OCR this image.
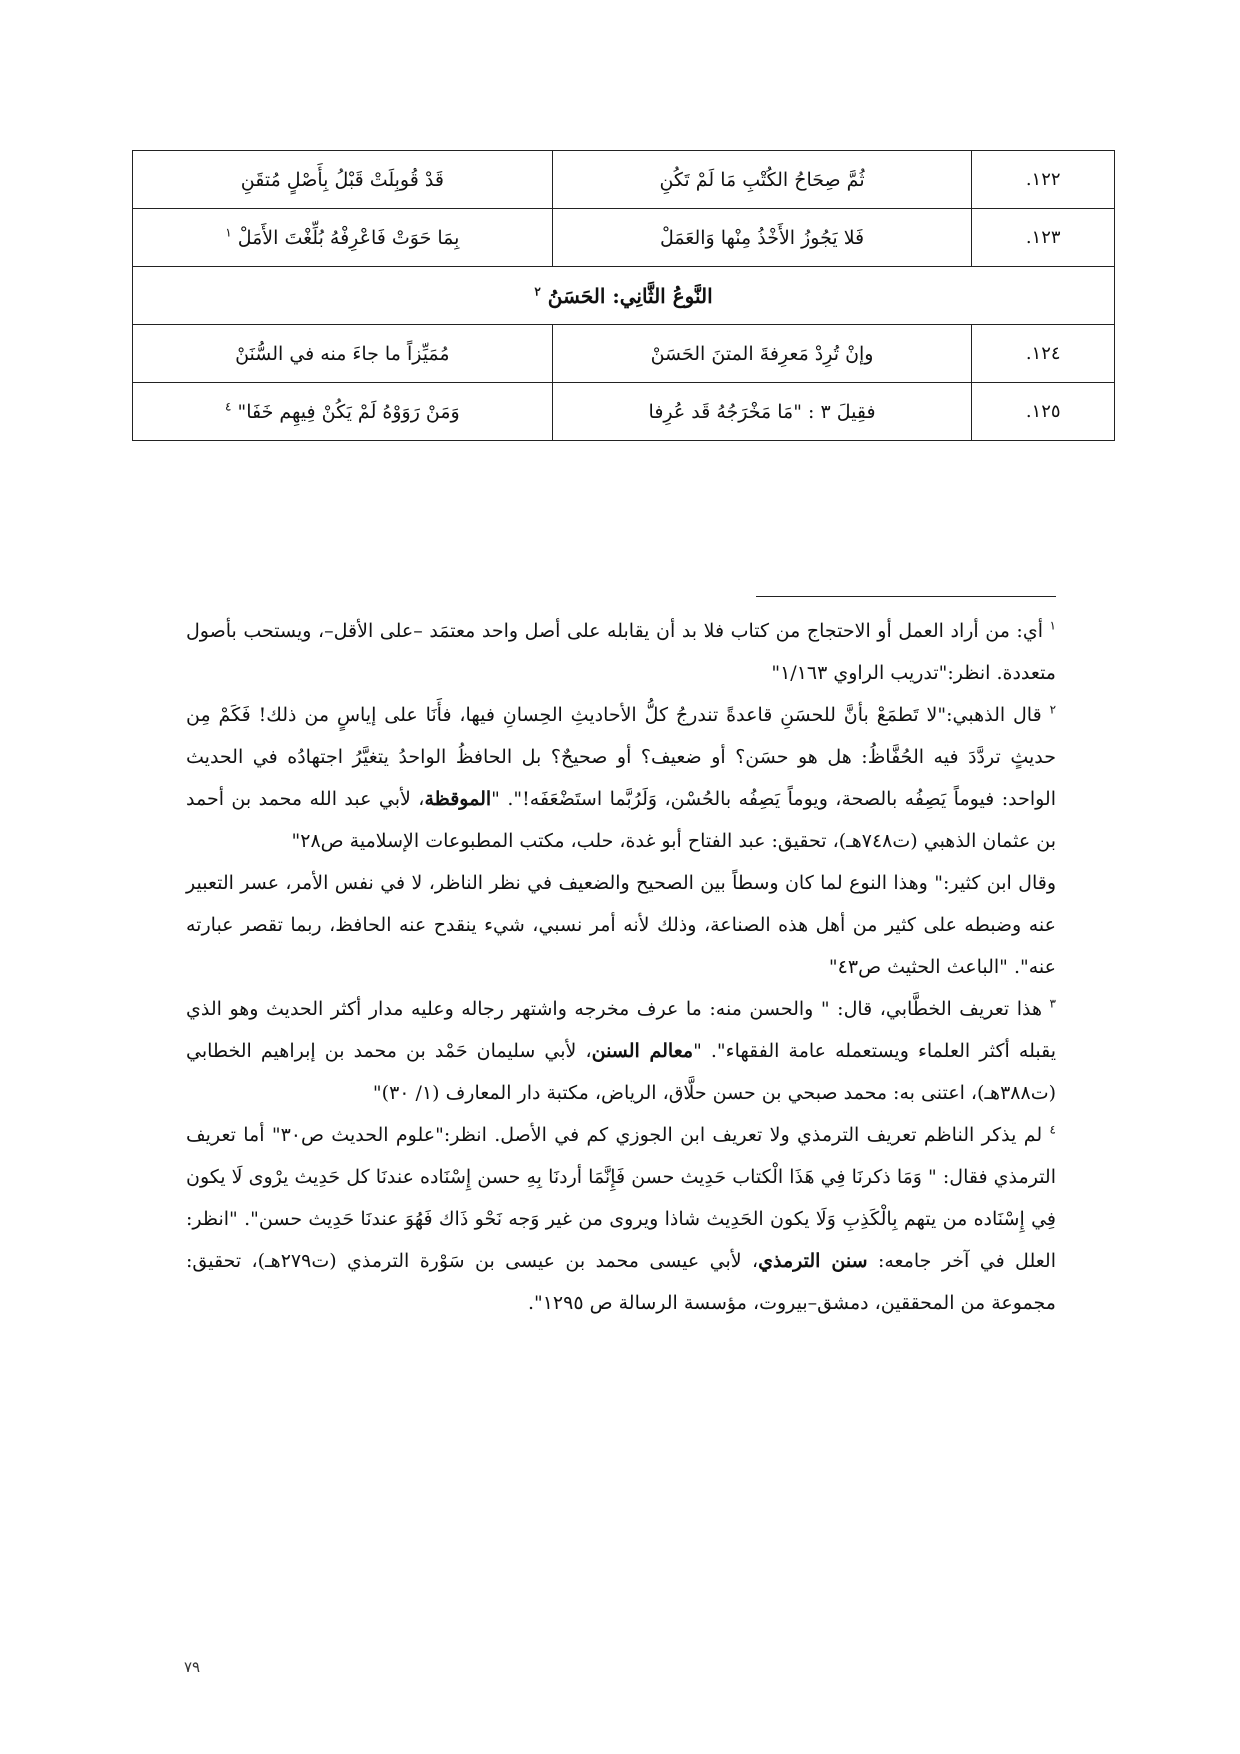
١٢٢.	ثُمَّ صِحَاحُ الكُتْبِ مَا لَمْ تَكُنِ	قَدْ قُوبِلَتْ قَبْلُ بِأَصْلٍ مُتقَنِ
١٢٣.	فَلا يَجُوزُ الأَخْذُ مِنْها وَالعَمَلْ	بِمَا حَوَتْ فَاعْرِفْهُ بُلِّغْتَ الأَمَلْ $^١$
النَّوعُ الثَّانِي: الحَسَنُ $^٢$
١٢٤.	وإنْ تُرِدْ مَعرِفةَ المتنَ الحَسَنْ	مُمَيِّزاً ما جاءَ منه في السُّنَنْ
١٢٥.	فقِيلَ ٣ : "مَا مَخْرَجُهُ قَد عُرِفا	وَمَنْ رَوَوْهُ لَمْ يَكُنْ فِيهِم خَفَا" $^٤$

$^١$ أي: من أراد العمل أو الاحتجاج من كتاب فلا بد أن يقابله على أصل واحد معتمَد –على الأقل–، ويستحب بأصول متعددة. انظر:"تدريب الراوي ١/١٦٣"

$^٢$ قال الذهبي:"لا تَطمَعْ بأنَّ للحسَنِ قاعدةً تندرجُ كلُّ الأحاديثِ الحِسانِ فيها، فأَنَا على إياسٍ من ذلك! فَكَمْ مِن حديثٍ تردَّدَ فيه الحُفَّاظُ: هل هو حسَن؟ أو ضعيف؟ أو صحيحٌ؟ بل الحافظُ الواحدُ يتغيَّرُ اجتهادُه في الحديث الواحد: فيوماً يَصِفُه بالصحة، ويوماً يَصِفُه بالحُسْن، وَلَرُبَّما استَضْعَفَه!". "الموقظة، لأبي عبد الله محمد بن أحمد بن عثمان الذهبي (ت٧٤٨هـ)، تحقيق: عبد الفتاح أبو غدة، حلب، مكتب المطبوعات الإسلامية ص٢٨"

وقال ابن كثير:" وهذا النوع لما كان وسطاً بين الصحيح والضعيف في نظر الناظر، لا في نفس الأمر، عسر التعبير عنه وضبطه على كثير من أهل هذه الصناعة، وذلك لأنه أمر نسبي، شيء ينقدح عنه الحافظ، ربما تقصر عبارته عنه". "الباعث الحثيث ص٤٣"

$^٣$ هذا تعريف الخطَّابي، قال: " والحسن منه: ما عرف مخرجه واشتهر رجاله وعليه مدار أكثر الحديث وهو الذي يقبله أكثر العلماء ويستعمله عامة الفقهاء". "معالم السنن، لأبي سليمان حَمْد بن محمد بن إبراهيم الخطابي (ت٣٨٨هـ)، اعتنى به: محمد صبحي بن حسن حلَّاق، الرياض، مكتبة دار المعارف (١/ ٣٠)"

$^٤$ لم يذكر الناظم تعريف الترمذي ولا تعريف ابن الجوزي كم في الأصل. انظر:"علوم الحديث ص٣٠" أما تعريف الترمذي فقال: " وَمَا ذكرنَا فِي هَذَا الْكتاب حَدِيث حسن فَإِنَّمَا أردنَا بِهِ حسن إِسْنَاده عندنَا كل حَدِيث يرْوى لَا يكون فِي إِسْنَاده من يتهم بِالْكَذِبِ وَلَا يكون الحَدِيث شاذا ويروى من غير وَجه نَحْو ذَاك فَهُوَ عندنَا حَدِيث حسن". "انظر: العلل في آخر جامعه: سنن الترمذي، لأبي عيسى محمد بن عيسى بن سَوْرة الترمذي (ت٢٧٩هـ)، تحقيق: مجموعة من المحققين، دمشق–بيروت، مؤسسة الرسالة ص ١٢٩٥".

٧٩
